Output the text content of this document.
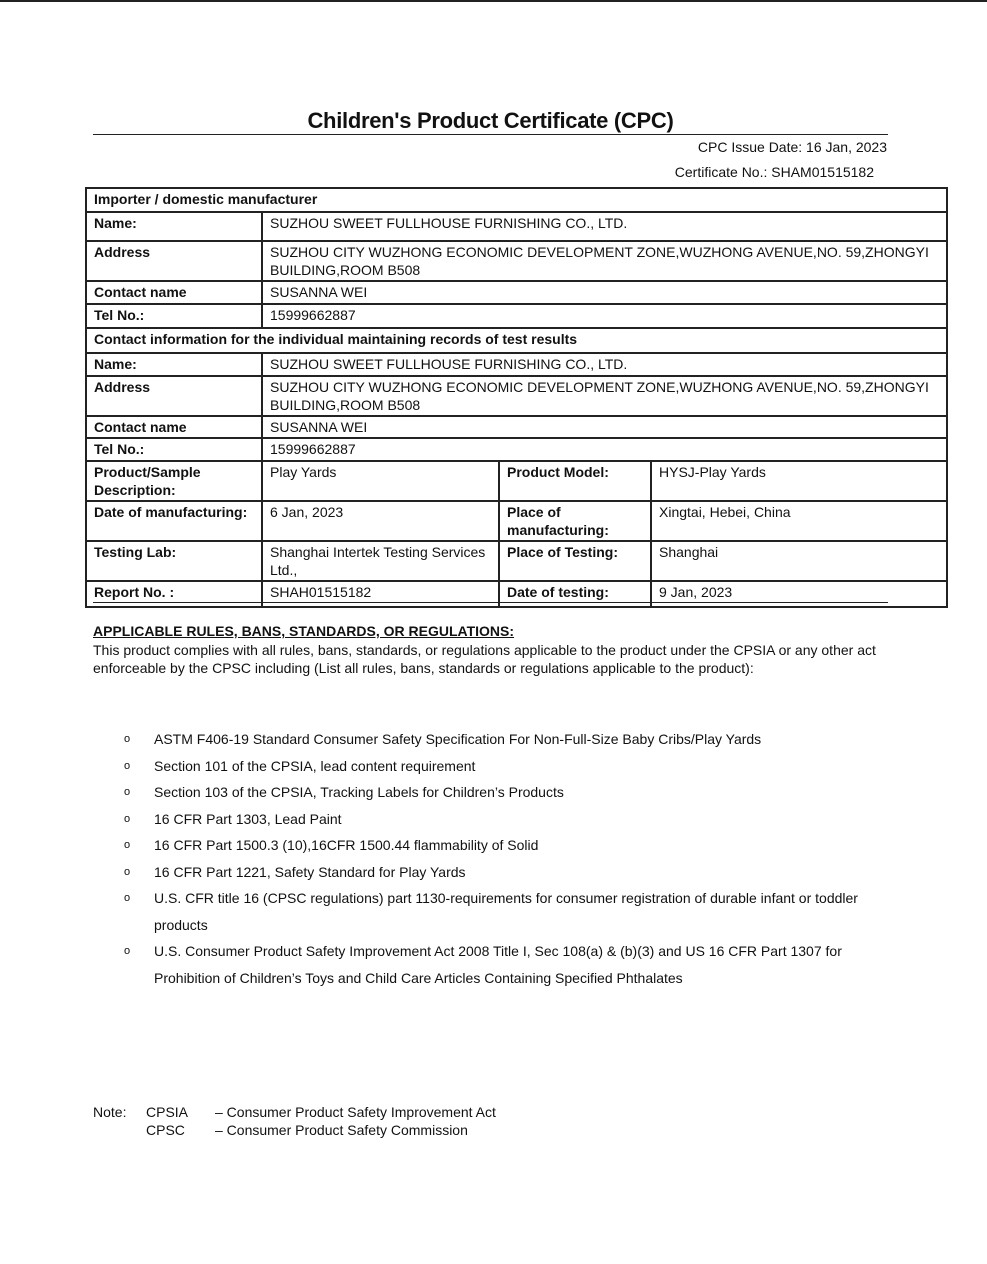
Children's Product Certificate (CPC)
CPC Issue Date: 16 Jan, 2023
Certificate No.: SHAM01515182
Importer / domestic manufacturer			
Name:	SUZHOU SWEET FULLHOUSE FURNISHING CO., LTD.		
Address	SUZHOU CITY WUZHONG ECONOMIC DEVELOPMENT ZONE,WUZHONG AVENUE,NO. 59,ZHONGYI BUILDING,ROOM B508		
Contact name	SUSANNA WEI		
Tel No.:	15999662887		
Contact information for the individual maintaining records of test results			
Name:	SUZHOU SWEET FULLHOUSE FURNISHING CO., LTD.		
Address	SUZHOU CITY WUZHONG ECONOMIC DEVELOPMENT ZONE,WUZHONG AVENUE,NO. 59,ZHONGYI BUILDING,ROOM B508		
Contact name	SUSANNA WEI		
Tel No.:	15999662887		
Product/Sample Description:	Play Yards	Product Model:	HYSJ-Play Yards
Date of manufacturing:	6 Jan, 2023	Place of manufacturing:	Xingtai, Hebei, China
Testing Lab:	Shanghai Intertek Testing Services Ltd.,	Place of Testing:	Shanghai
Report No. :	SHAH01515182	Date of testing:	9 Jan, 2023
APPLICABLE RULES, BANS, STANDARDS, OR REGULATIONS:
This product complies with all rules, bans, standards, or regulations applicable to the product under the CPSIA or any other act enforceable by the CPSC including (List all rules, bans, standards or regulations applicable to the product):
o ASTM F406-19 Standard Consumer Safety Specification For Non-Full-Size Baby Cribs/Play Yards
o Section 101 of the CPSIA, lead content requirement
o Section 103 of the CPSIA, Tracking Labels for Children’s Products
o 16 CFR Part 1303, Lead Paint
o 16 CFR Part 1500.3 (10),16CFR 1500.44 flammability of Solid
o 16 CFR Part 1221, Safety Standard for Play Yards
o U.S. CFR title 16 (CPSC regulations) part 1130-requirements for consumer registration of durable infant or toddler products
o U.S. Consumer Product Safety Improvement Act 2008 Title I, Sec 108(a) & (b)(3) and US 16 CFR Part 1307 for Prohibition of Children’s Toys and Child Care Articles Containing Specified Phthalates
Note: CPSIA – Consumer Product Safety Improvement Act
CPSC – Consumer Product Safety Commission
